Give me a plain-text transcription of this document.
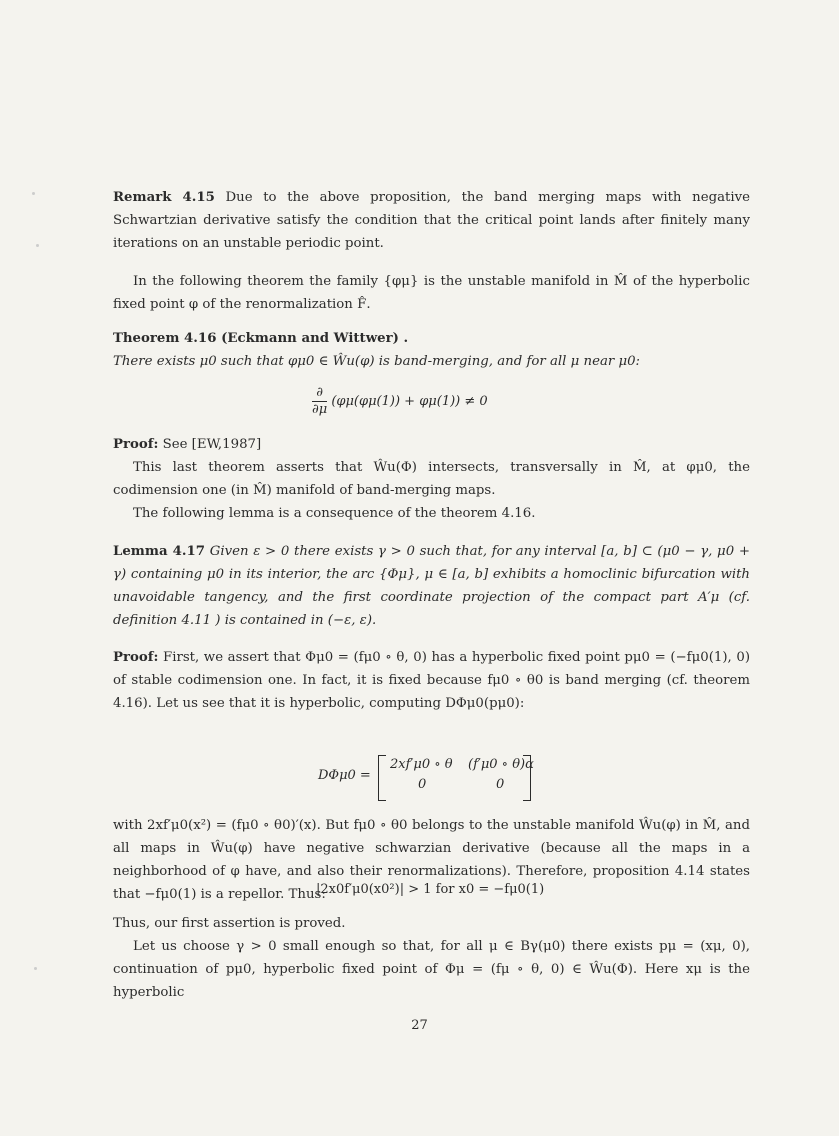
Remark 4.15 Due to the above proposition, the band merging maps with negative Schwartzian derivative satisfy the condition that the critical point lands after finitely many iterations on an unstable periodic point.
In the following theorem the family {φμ} is the unstable manifold in M̂ of the hyperbolic fixed point φ of the renormalization F̂.
Theorem 4.16 (Eckmann and Wittwer) .
There exists μ0 such that φμ0 ∈ Ŵu(φ) is band-merging, and for all μ near μ0:
∂
∂μ
(φμ(φμ(1)) + φμ(1)) ≠ 0
Proof: See [EW,1987]
This last theorem asserts that Ŵu(Φ) intersects, transversally in M̂, at φμ0, the codimension one (in M̂) manifold of band-merging maps.
The following lemma is a consequence of the theorem 4.16.
Lemma 4.17 Given ε > 0 there exists γ > 0 such that, for any interval [a, b] ⊂ (μ0 − γ, μ0 + γ) containing μ0 in its interior, the arc {Φμ}, μ ∈ [a, b] exhibits a homoclinic bifurcation with unavoidable tangency, and the first coordinate projection of the compact part A′μ (cf. definition 4.11 ) is contained in (−ε, ε).
Proof: First, we assert that Φμ0 = (fμ0 ∘ θ, 0) has a hyperbolic fixed point pμ0 = (−fμ0(1), 0) of stable codimension one. In fact, it is fixed because fμ0 ∘ θ0 is band merging (cf. theorem 4.16). Let us see that it is hyperbolic, computing DΦμ0(pμ0):
DΦμ0 =
2xf′μ0 ∘ θ (f′μ0 ∘ θ)α
0	0
with 2xf′μ0(x²) = (fμ0 ∘ θ0)′(x). But fμ0 ∘ θ0 belongs to the unstable manifold Ŵu(φ) in M̂, and all maps in Ŵu(φ) have negative schwarzian derivative (because all the maps in a neighborhood of φ have, and also their renormalizations). Therefore, proposition 4.14 states that −fμ0(1) is a repellor. Thus:
|2x0f′μ0(x0²)| > 1 for x0 = −fμ0(1)
Thus, our first assertion is proved.
Let us choose γ > 0 small enough so that, for all μ ∈ Bγ(μ0) there exists pμ = (xμ, 0), continuation of pμ0, hyperbolic fixed point of Φμ = (fμ ∘ θ, 0) ∈ Ŵu(Φ). Here xμ is the hyperbolic
27
